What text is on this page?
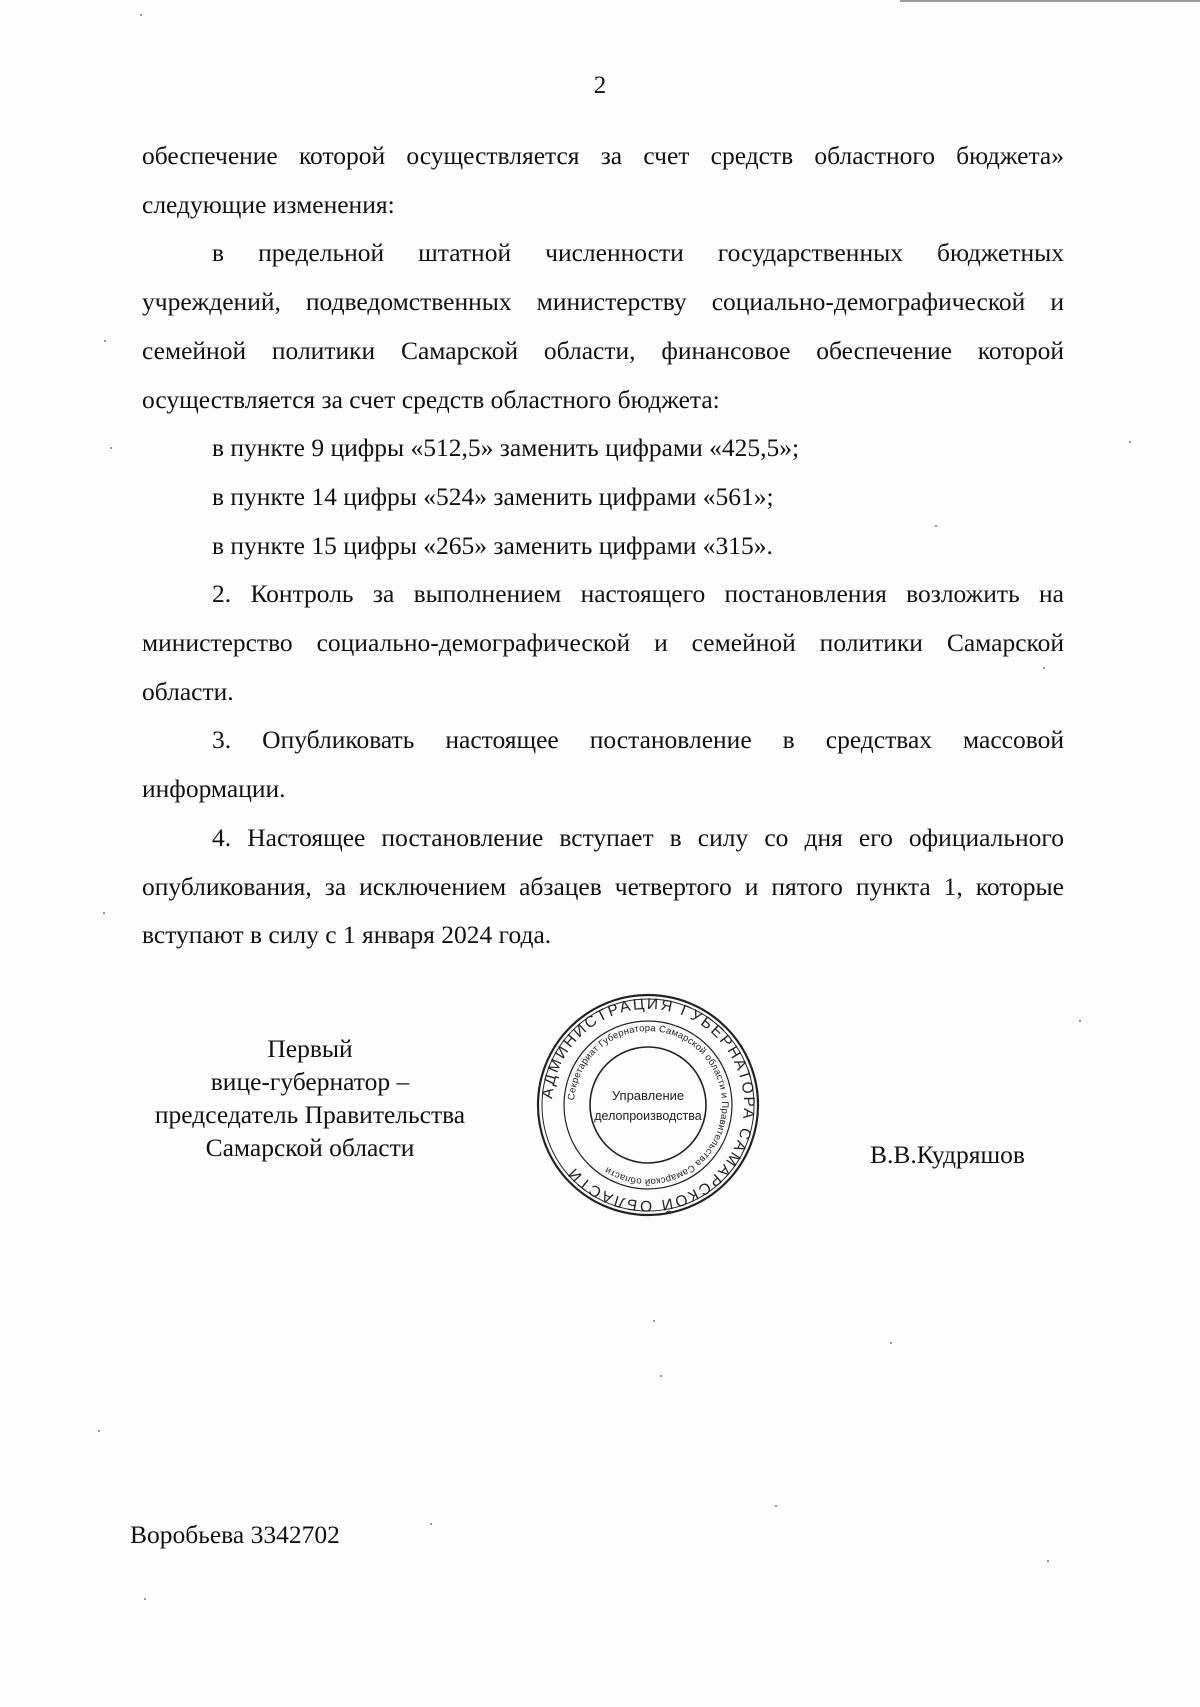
2

обеспечение которой осуществляется за счет средств областного бюджета» следующие изменения:

в предельной штатной численности государственных бюджетных учреждений, подведомственных министерству социально-демографической и семейной политики Самарской области, финансовое обеспечение которой осуществляется за счет средств областного бюджета:

в пункте 9 цифры «512,5» заменить цифрами «425,5»;

в пункте 14 цифры «524» заменить цифрами «561»;

в пункте 15 цифры «265» заменить цифрами «315».

2. Контроль за выполнением настоящего постановления возложить на министерство социально-демографической и семейной политики Самарской области.

3. Опубликовать настоящее постановление в средствах массовой информации.

4. Настоящее постановление вступает в силу со дня его официального опубликования, за исключением абзацев четвертого и пятого пункта 1, которые вступают в силу с 1 января 2024 года.

Первый
вице-губернатор –
председатель Правительства
Самарской области
АДМИНИСТРАЦИЯ ГУБЕРНАТОРА САМАРСКОЙ ОБЛАСТИ
Секретариат Губернатора Самарской области и Правительства Самарской области
Управление
делопроизводства
В.В.Кудряшов
Воробьева 3342702
